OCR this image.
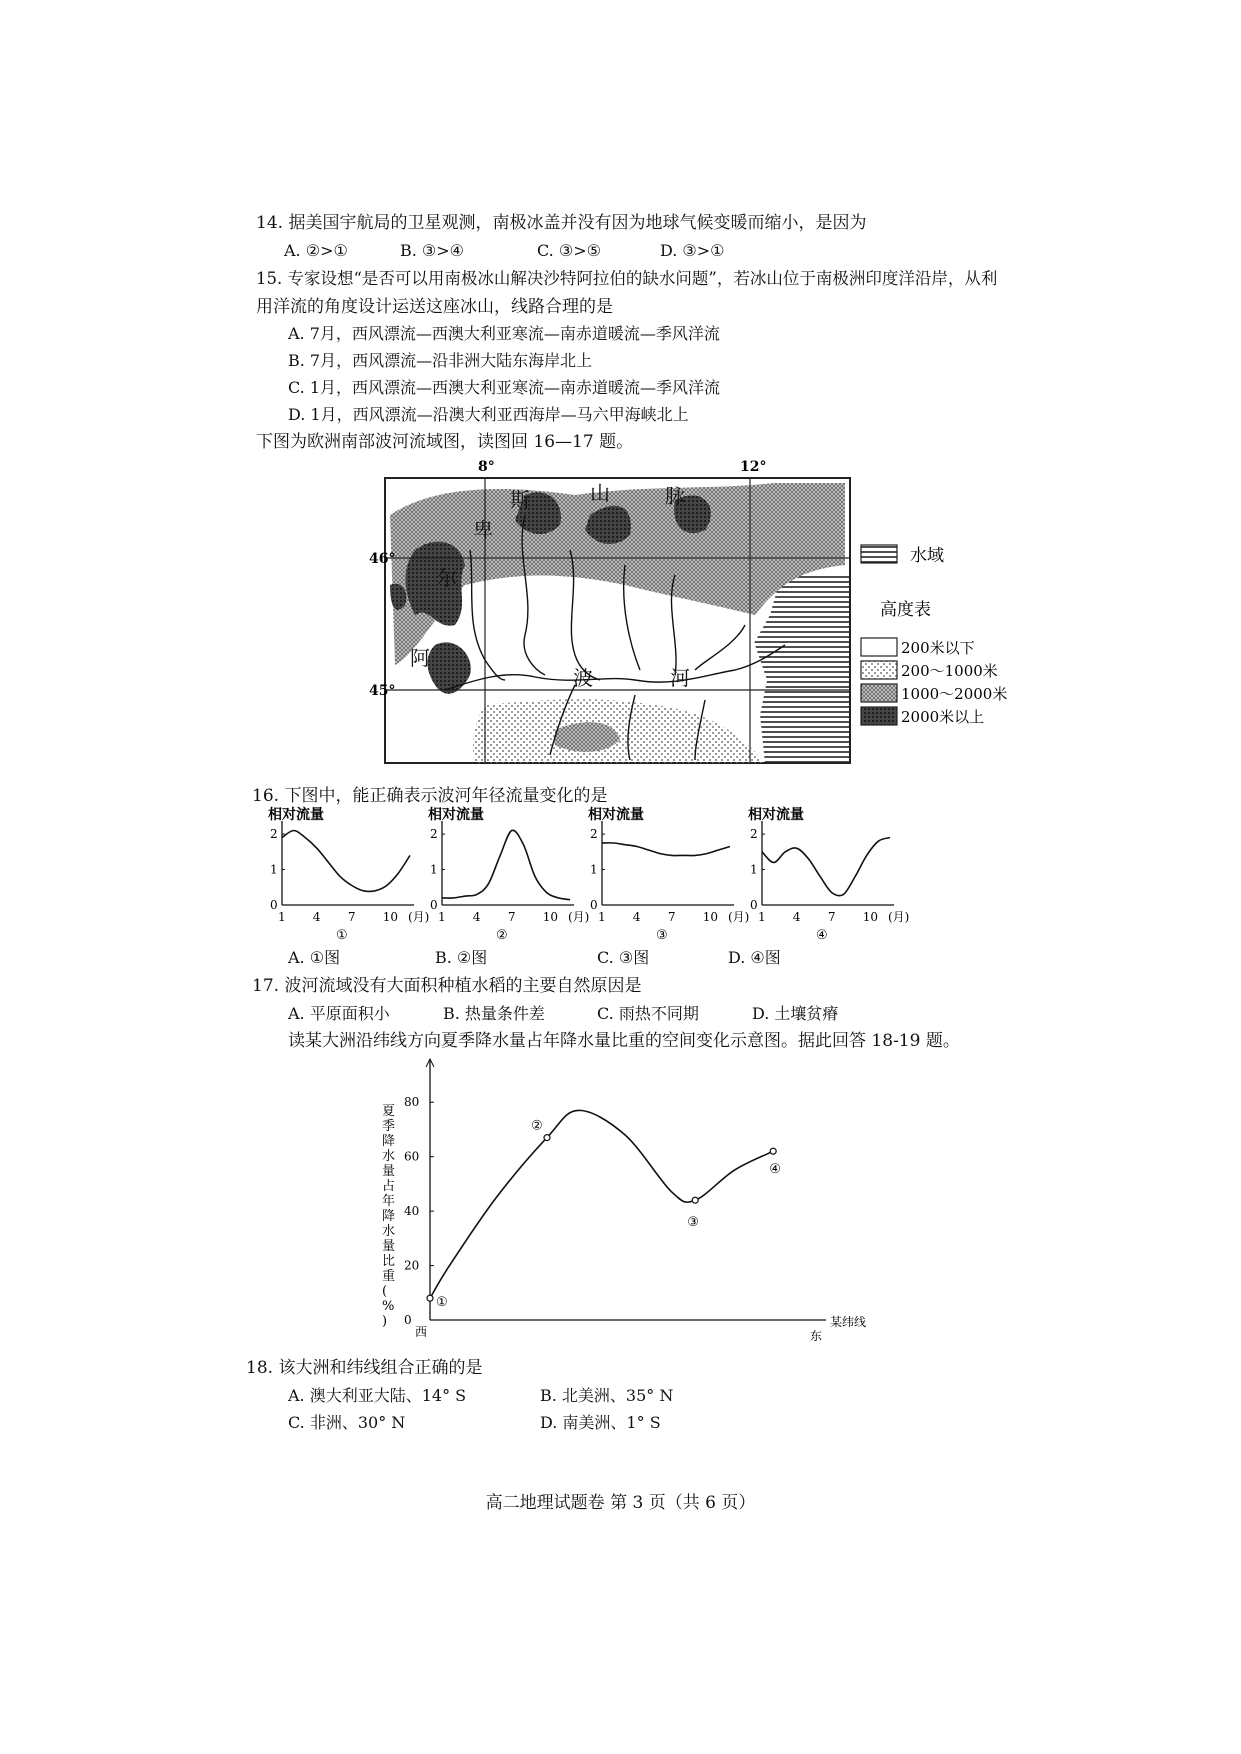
14. 据美国宇航局的卫星观测，南极冰盖并没有因为地球气候变暖而缩小，是因为
A. ②>①	B. ③>④	C. ③>⑤	D. ③>①
15. 专家设想“是否可以用南极冰山解决沙特阿拉伯的缺水问题”，若冰山位于南极洲印度洋沿岸，从利
用洋流的角度设计运送这座冰山，线路合理的是
A. 7月，西风漂流—西澳大利亚寒流—南赤道暖流—季风洋流
B. 7月，西风漂流—沿非洲大陆东海岸北上
C. 1月，西风漂流—西澳大利亚寒流—南赤道暖流—季风洋流
D. 1月，西风漂流—沿澳大利亚西海岸—马六甲海峡北上
下图为欧洲南部波河流域图，读图回 16—17 题。
8°	12°
46°
45°
阿
尔
卑
斯	山	脉
波	河
水域
高度表
200米以下
200～1000米
1000～2000米
2000米以上
16. 下图中，能正确表示波河年径流量变化的是
相对流量
0
1
2
1 4 7 10 (月)
①
相对流量
0
1
2
1 4 7 10 (月)
②
相对流量
0
1
2
1 4 7 10 (月)
③
相对流量
0
1
2
1 4 7 10 (月)
④
A. ①图	B. ②图	C. ③图	D. ④图
17. 波河流域没有大面积种植水稻的主要自然原因是
A. 平原面积小	B. 热量条件差	C. 雨热不同期	D. 土壤贫瘠
读某大洲沿纬线方向夏季降水量占年降水量比重的空间变化示意图。据此回答 18-19 题。
0
20
40
60
80
夏
季
降
水
量
占
年
降
水
量
比
重
(
%
)
西	东
某纬线
①
②
③
④
18. 该大洲和纬线组合正确的是
A. 澳大利亚大陆、14° S	B. 北美洲、35° N
C. 非洲、30° N	D. 南美洲、1° S
高二地理试题卷 第 3 页（共 6 页）
